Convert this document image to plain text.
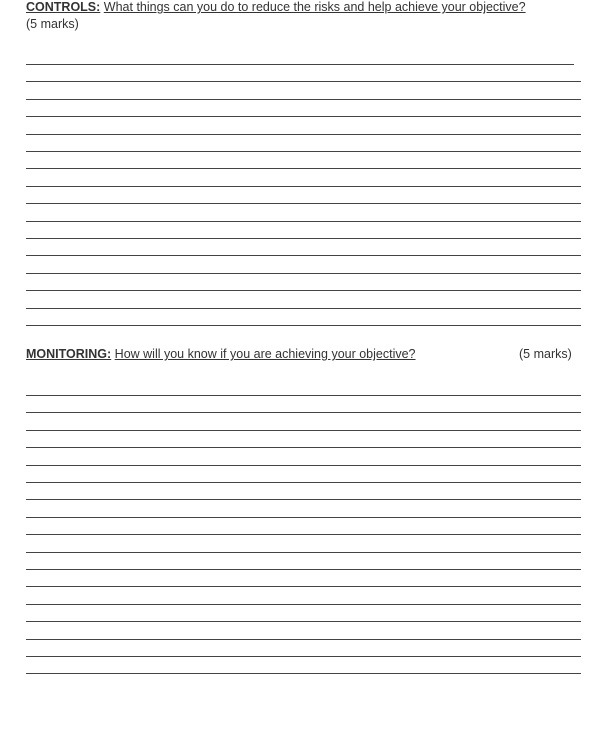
CONTROLS: What things can you do to reduce the risks and help achieve your objective?
(5 marks)
MONITORING: How will you know if you are achieving your objective?	(5 marks)
